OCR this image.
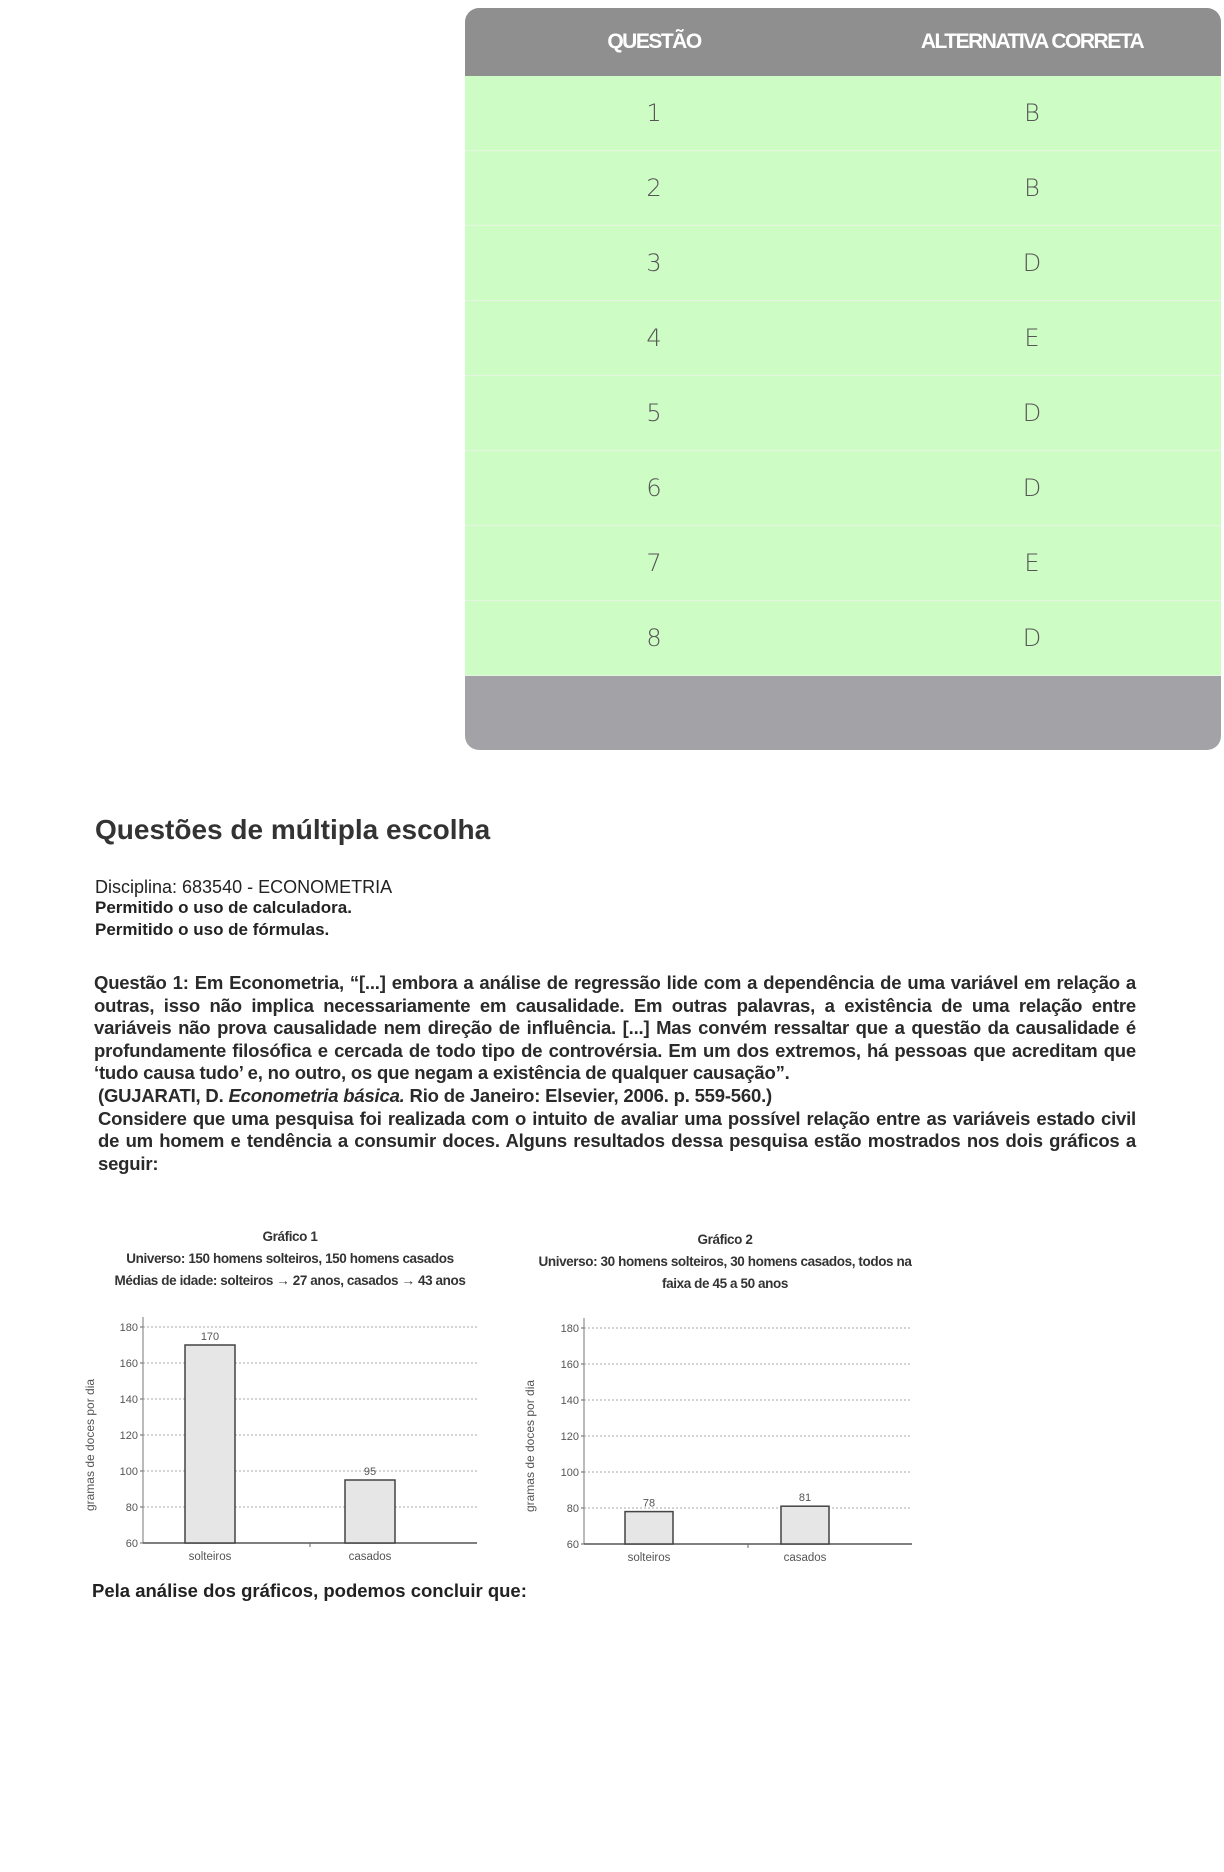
QUESTÃO	ALTERNATIVA CORRETA
1	B
2	B
3	D
4	E
5	D
6	D
7	E
8	D
Questões de múltipla escolha
Disciplina: 683540 - ECONOMETRIA
Permitido o uso de calculadora.
Permitido o uso de fórmulas.

Questão 1: Em Econometria, “[...] embora a análise de regressão lide com a dependência de uma variável em relação a outras, isso não implica necessariamente em causalidade. Em outras palavras, a existência de uma relação entre variáveis não prova causalidade nem direção de influência. [...] Mas convém ressaltar que a questão da causalidade é profundamente filosófica e cercada de todo tipo de controvérsia. Em um dos extremos, há pessoas que acreditam que ‘tudo causa tudo’ e, no outro, os que negam a existência de qualquer causação”.

(GUJARATI, D. Econometria básica. Rio de Janeiro: Elsevier, 2006. p. 559-560.)

Considere que uma pesquisa foi realizada com o intuito de avaliar uma possível relação entre as variáveis estado civil de um homem e tendência a consumir doces. Alguns resultados dessa pesquisa estão mostrados nos dois gráficos a seguir:

Gráfico 1
Universo: 150 homens solteiros, 150 homens casados
Médias de idade: solteiros → 27 anos, casados → 43 anos
Gráfico 2
Universo: 30 homens solteiros, 30 homens casados, todos na
faixa de 45 a 50 anos
60
80
100
120
140
160
180
gramas de doces por dia
170
solteiros
95
casados
60
80
100
120
140
160
180
gramas de doces por dia	78
solteiros
81
casados
Pela análise dos gráficos, podemos concluir que:
